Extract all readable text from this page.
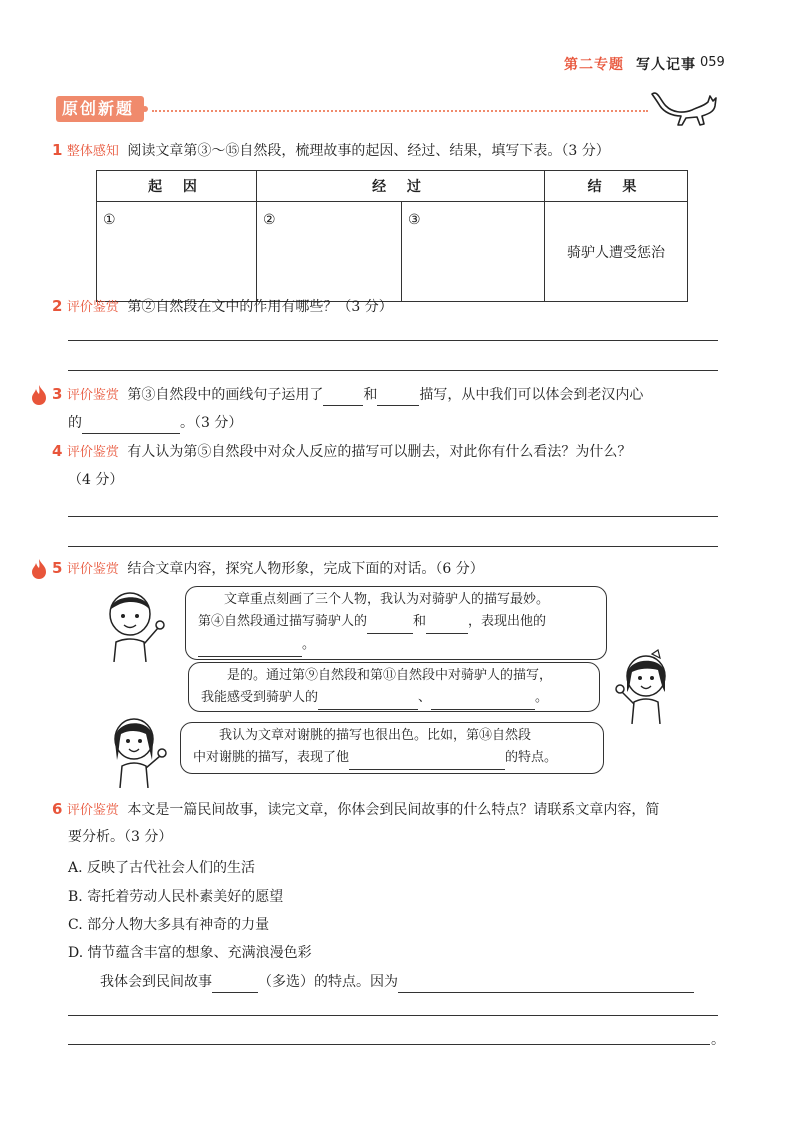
第二专题 写人记事 059
原创新题
1 整体感知 阅读文章第③～⑮自然段，梳理故事的起因、经过、结果，填写下表。（3 分）
起 因	经 过		结 果
①	②	③	骑驴人遭受惩治
2 评价鉴赏 第②自然段在文中的作用有哪些？（3 分）
3 评价鉴赏 第③自然段中的画线句子运用了	和	描写，从中我们可以体会到老汉内心
的	。（3 分）
4 评价鉴赏 有人认为第⑤自然段中对众人反应的描写可以删去，对此你有什么看法？为什么？
（4 分）
5 评价鉴赏 结合文章内容，探究人物形象，完成下面的对话。（6 分）
文章重点刻画了三个人物，我认为对骑驴人的描写最妙。
第④自然段通过描写骑驴人的	和	，表现出他的
。
是的。通过第⑨自然段和第⑪自然段中对骑驴人的描写，
我能感受到骑驴人的	、	。
我认为文章对谢朓的描写也很出色。比如，第⑭自然段
中对谢朓的描写，表现了他	的特点。
6 评价鉴赏 本文是一篇民间故事，读完文章，你体会到民间故事的什么特点？请联系文章内容，简
要分析。（3 分）
A. 反映了古代社会人们的生活
B. 寄托着劳动人民朴素美好的愿望
C. 部分人物大多具有神奇的力量
D. 情节蕴含丰富的想象、充满浪漫色彩
我体会到民间故事	（多选）的特点。因为
。
